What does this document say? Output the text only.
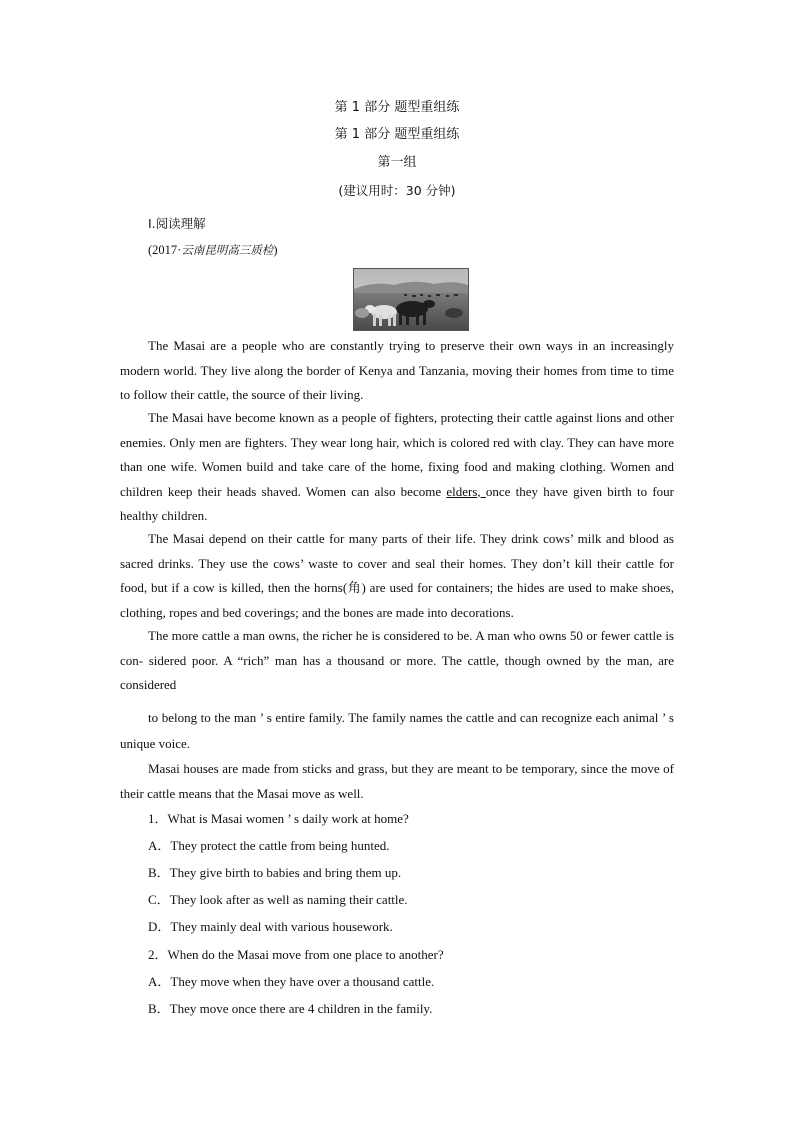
第 1 部分 题型重组练
第 1 部分 题型重组练
第一组
(建议用时：30 分钟)
Ⅰ.阅读理解
(2017·云南昆明高三质检)
The Masai are a people who are constantly trying to preserve their own ways in an increasingly modern world. They live along the border of Kenya and Tanzania, moving their homes from time to time to follow their cattle, the source of their living.
The Masai have become known as a people of fighters, protecting their cattle against lions and other enemies. Only men are fighters. They wear long hair, which is colored red with clay. They can have more than one wife. Women build and take care of the home, fixing food and making clothing. Women and children keep their heads shaved. Women can also become elders, once they have given birth to four healthy children.
The Masai depend on their cattle for many parts of their life. They drink cows’ milk and blood as sacred drinks. They use the cows’ waste to cover and seal their homes. They don’t kill their cattle for food, but if a cow is killed, then the horns(角) are used for containers; the hides are used to make shoes, clothing, ropes and bed coverings; and the bones are made into decorations.
The more cattle a man owns, the richer he is considered to be. A man who owns 50 or fewer cattle is con- sidered poor. A “rich” man has a thousand or more. The cattle, though owned by the man, are considered
to belong to the man ’ s entire family. The family names the cattle and can recognize each animal ’ s unique voice.
Masai houses are made from sticks and grass, but they are meant to be temporary, since the move of their cattle means that the Masai move as well.
1．What is Masai women ’ s daily work at home?
A．They protect the cattle from being hunted.
B．They give birth to babies and bring them up.
C．They look after as well as naming their cattle.
D．They mainly deal with various housework.
2．When do the Masai move from one place to another?
A．They move when they have over a thousand cattle.
B．They move once there are 4 children in the family.
